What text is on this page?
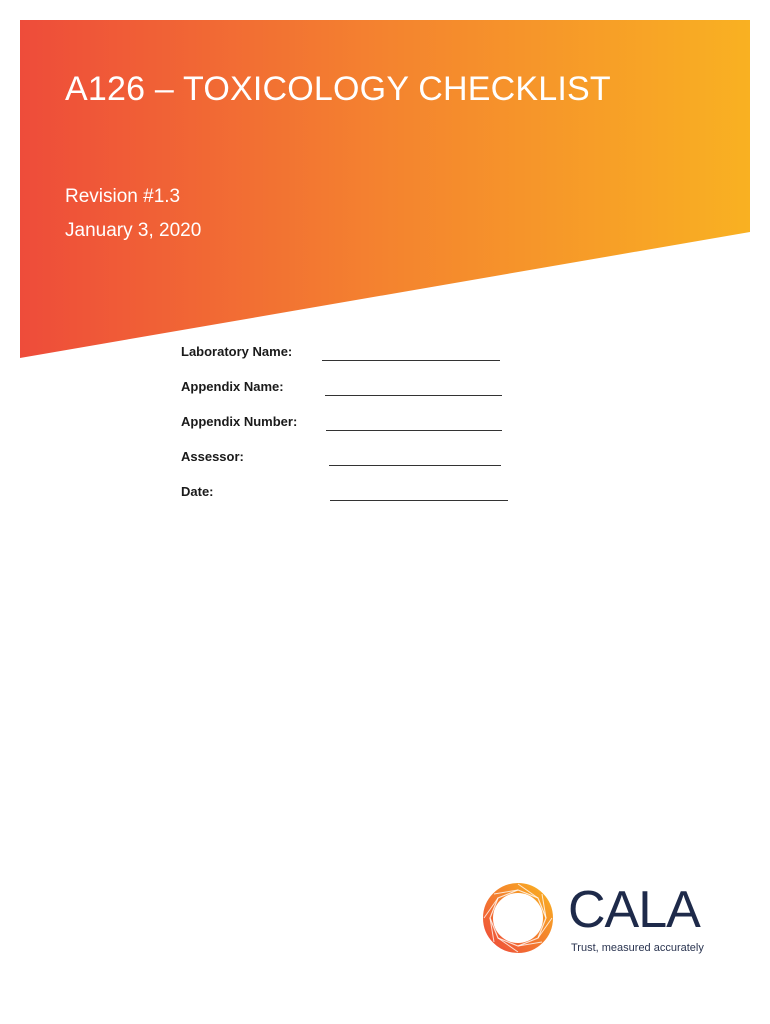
A126 – TOXICOLOGY CHECKLIST

Revision #1.3

January 3, 2020

Laboratory Name:
Appendix Name:
Appendix Number:
Assessor:
Date:

CALA

Trust, measured accurately
